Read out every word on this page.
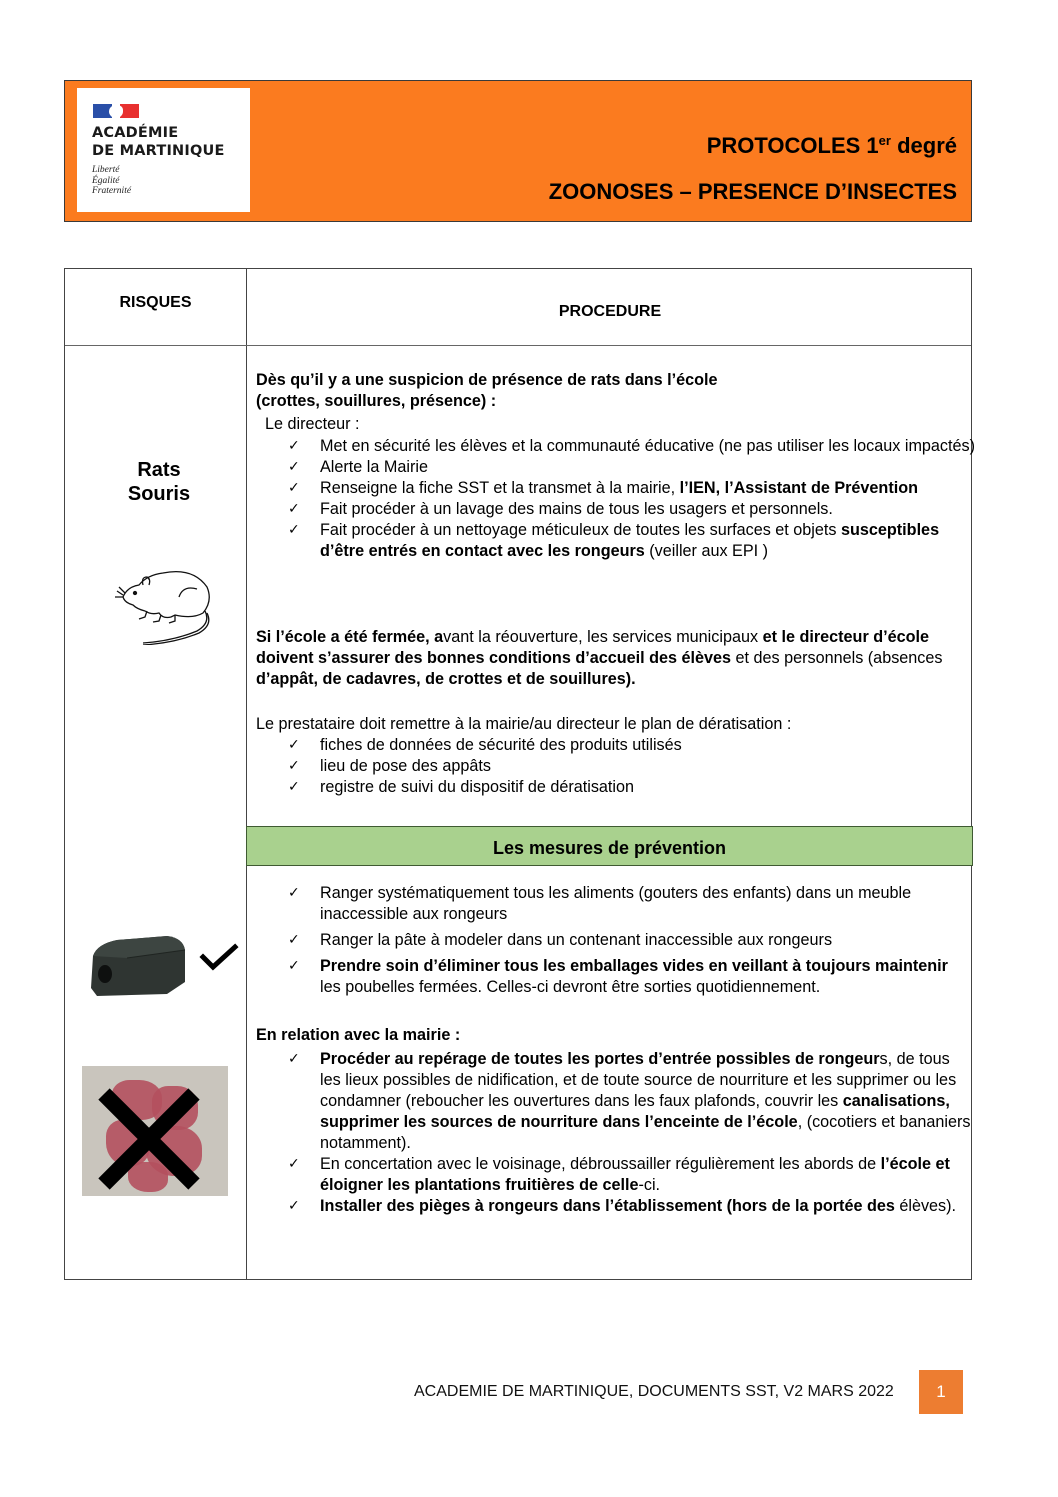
ACADÉMIE
DE MARTINIQUE
Liberté
Égalité
Fraternité
PROTOCOLES 1er degré
ZOONOSES – PRESENCE D’INSECTES
RISQUES
PROCEDURE
Rats
Souris
Dès qu’il y a une suspicion de présence de rats dans l’école
(crottes, souillures, présence) :
Le directeur :
✓ Met en sécurité les élèves et la communauté éducative (ne pas utiliser les locaux impactés)
✓ Alerte la Mairie
✓ Renseigne la fiche SST et la transmet à la mairie, l’IEN, l’Assistant de Prévention
✓ Fait procéder à un lavage des mains de tous les usagers et personnels.
✓ Fait procéder à un nettoyage méticuleux de toutes les surfaces et objets susceptibles d’être entrés en contact avec les rongeurs (veiller aux EPI )
Si l’école a été fermée, avant la réouverture, les services municipaux et le directeur d’école doivent s’assurer des bonnes conditions d’accueil des élèves et des personnels (absences d’appât, de cadavres, de crottes et de souillures).
Le prestataire doit remettre à la mairie/au directeur le plan de dératisation :
✓ fiches de données de sécurité des produits utilisés
✓ lieu de pose des appâts
✓ registre de suivi du dispositif de dératisation
Les mesures de prévention
✓ Ranger systématiquement tous les aliments (gouters des enfants) dans un meuble inaccessible aux rongeurs
✓ Ranger la pâte à modeler dans un contenant inaccessible aux rongeurs
✓ Prendre soin d’éliminer tous les emballages vides en veillant à toujours maintenir les poubelles fermées. Celles-ci devront être sorties quotidiennement.
En relation avec la mairie :
✓ Procéder au repérage de toutes les portes d’entrée possibles de rongeurs, de tous les lieux possibles de nidification, et de toute source de nourriture et les supprimer ou les condamner (reboucher les ouvertures dans les faux plafonds, couvrir les canalisations, supprimer les sources de nourriture dans l’enceinte de l’école, (cocotiers et bananiers notamment).
✓ En concertation avec le voisinage, débroussailler régulièrement les abords de l’école et éloigner les plantations fruitières de celle-ci.
✓ Installer des pièges à rongeurs dans l’établissement (hors de la portée des élèves).
ACADEMIE DE MARTINIQUE, DOCUMENTS SST, V2 MARS 2022	1
